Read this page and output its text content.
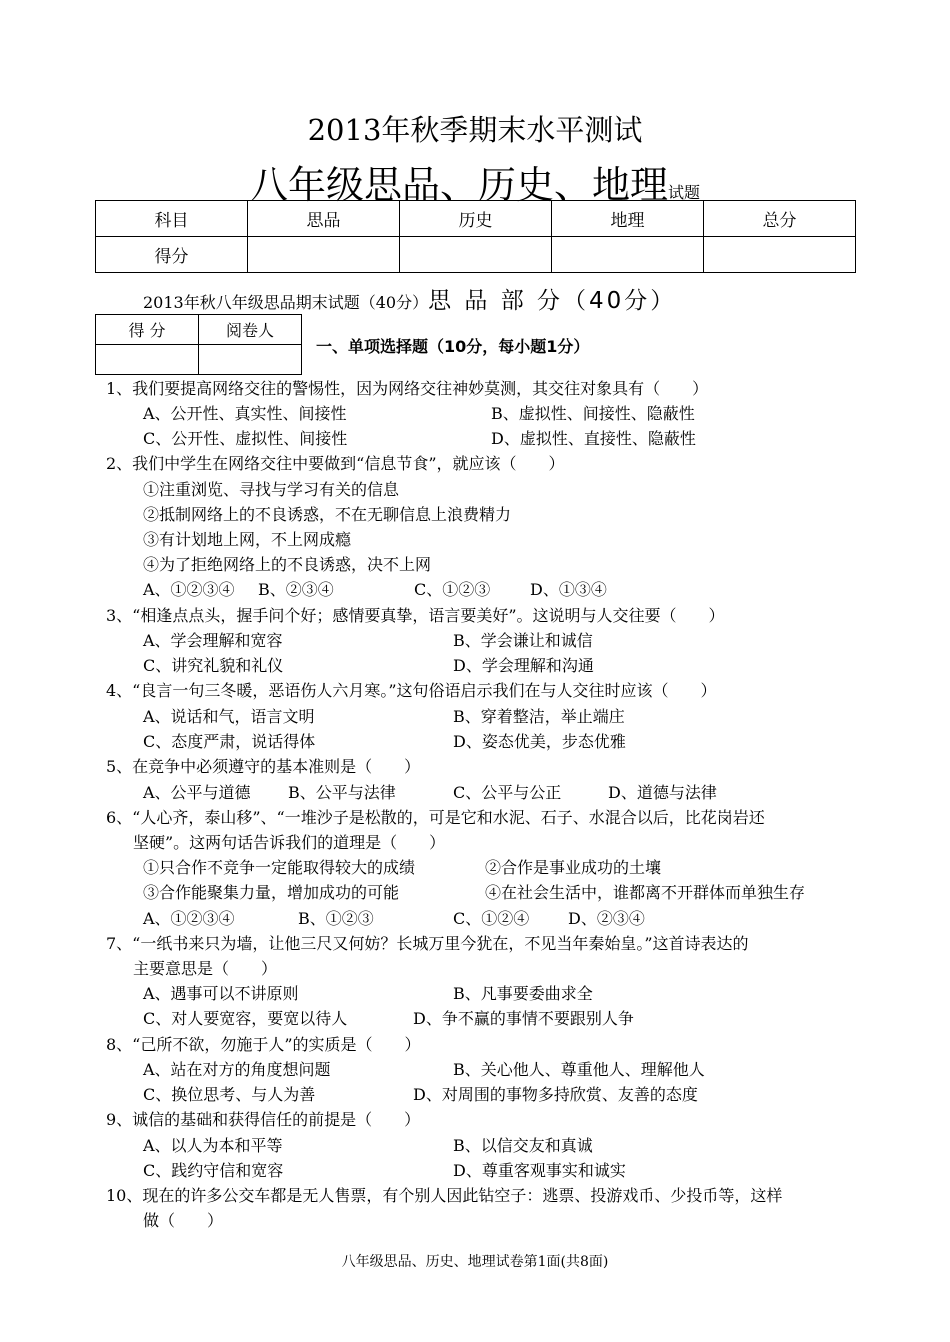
2013年秋季期末水平测试
八年级思品、历史、地理试题
科目	思品	历史	地理	总分
得分				
2013年秋八年级思品期末试题（40分）思 品 部 分（40分）
得 分	阅卷人

一、单项选择题（10分，每小题1分）
1、我们要提高网络交往的警惕性，因为网络交往神妙莫测，其交往对象具有（　　）
A、公开性、真实性、间接性	B、虚拟性、间接性、隐蔽性
C、公开性、虚拟性、间接性	D、虚拟性、直接性、隐蔽性
2、我们中学生在网络交往中要做到“信息节食”，就应该（　　）
①注重浏览、寻找与学习有关的信息
②抵制网络上的不良诱惑，不在无聊信息上浪费精力
③有计划地上网，不上网成瘾
④为了拒绝网络上的不良诱惑，决不上网
A、①②③④ B、②③④	C、①②③ D、①③④
3、“相逢点点头，握手问个好；感情要真挚，语言要美好”。这说明与人交往要（　　）
A、学会理解和宽容	B、学会谦让和诚信
C、讲究礼貌和礼仪	D、学会理解和沟通
4、“良言一句三冬暖，恶语伤人六月寒。”这句俗语启示我们在与人交往时应该（　　）
A、说话和气，语言文明	B、穿着整洁，举止端庄
C、态度严肃，说话得体	D、姿态优美，步态优雅
5、在竞争中必须遵守的基本准则是（　　）
A、公平与道德 B、公平与法律	C、公平与公正	D、道德与法律
6、“人心齐，泰山移”、“一堆沙子是松散的，可是它和水泥、石子、水混合以后，比花岗岩还
坚硬”。这两句话告诉我们的道理是（　　）
①只合作不竞争一定能取得较大的成绩	②合作是事业成功的土壤
③合作能聚集力量，增加成功的可能	④在社会生活中，谁都离不开群体而单独生存
A、①②③④	B、①②③	C、①②④ D、②③④
7、“一纸书来只为墙，让他三尺又何妨？长城万里今犹在，不见当年秦始皇。”这首诗表达的
主要意思是（　　）
A、遇事可以不讲原则	B、凡事要委曲求全
C、对人要宽容，要宽以待人	D、争不赢的事情不要跟别人争
8、“己所不欲，勿施于人”的实质是（　　）
A、站在对方的角度想问题	B、关心他人、尊重他人、理解他人
C、换位思考、与人为善	D、对周围的事物多持欣赏、友善的态度
9、诚信的基础和获得信任的前提是（　　）
A、以人为本和平等	B、以信交友和真诚
C、践约守信和宽容	D、尊重客观事实和诚实
10、现在的许多公交车都是无人售票，有个别人因此钻空子：逃票、投游戏币、少投币等，这样
做（　　）
八年级思品、历史、地理试卷第1面(共8面)
